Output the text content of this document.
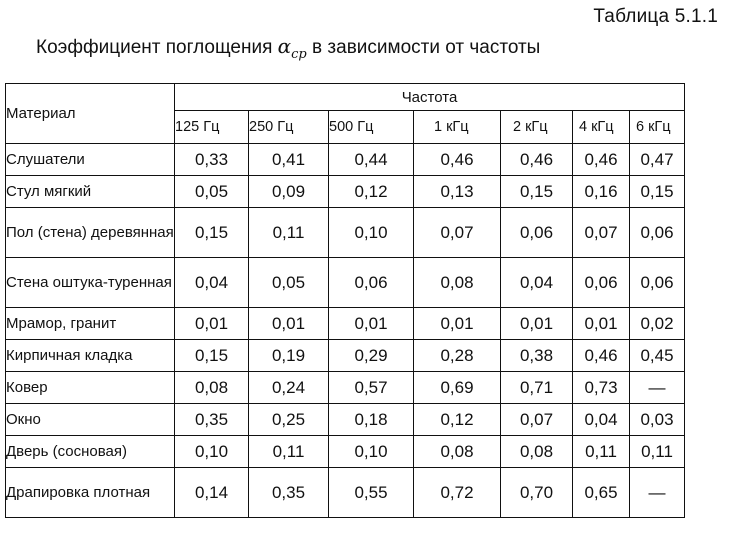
Таблица 5.1.1
Коэффициент поглощения $\alpha_{ср}$ в зависимости от частоты
Материал	Частота						
	125 Гц	250 Гц	500 Гц	1 кГц	2 кГц	4 кГц	6 кГц
Слушатели	0,33	0,41	0,44	0,46	0,46	0,46	0,47
Стул мягкий	0,05	0,09	0,12	0,13	0,15	0,16	0,15
Пол (стена) деревянная	0,15	0,11	0,10	0,07	0,06	0,07	0,06
Стена оштука-туренная	0,04	0,05	0,06	0,08	0,04	0,06	0,06
Мрамор, гранит	0,01	0,01	0,01	0,01	0,01	0,01	0,02
Кирпичная кладка	0,15	0,19	0,29	0,28	0,38	0,46	0,45
Ковер	0,08	0,24	0,57	0,69	0,71	0,73	—
Окно	0,35	0,25	0,18	0,12	0,07	0,04	0,03
Дверь (сосновая)	0,10	0,11	0,10	0,08	0,08	0,11	0,11
Драпировка плотная	0,14	0,35	0,55	0,72	0,70	0,65	—
